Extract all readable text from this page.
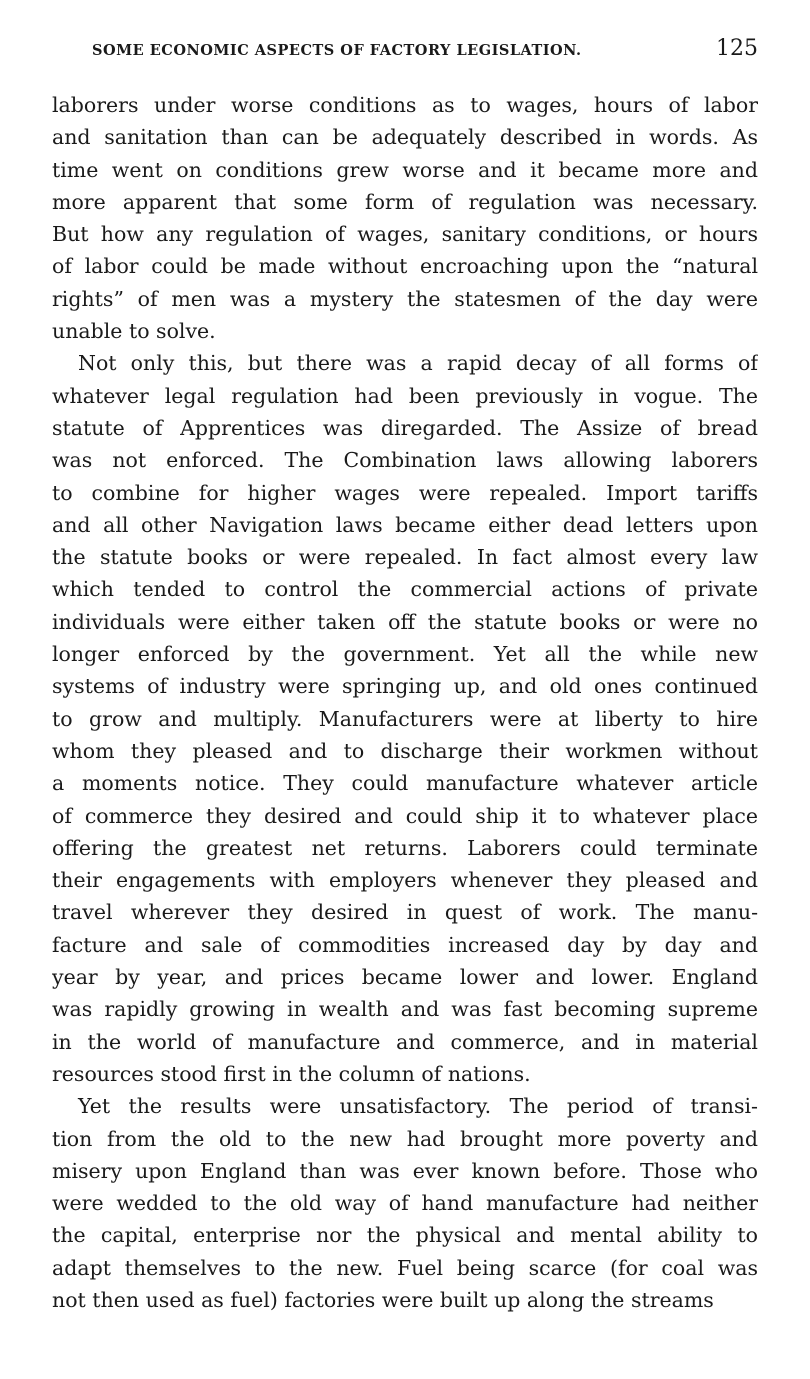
SOME ECONOMIC ASPECTS OF FACTORY LEGISLATION.	125
laborers under worse conditions as to wages, hours of labor
and sanitation than can be adequately described in words. As
time went on conditions grew worse and it became more and
more apparent that some form of regulation was necessary.
But how any regulation of wages, sanitary conditions, or hours
of labor could be made without encroaching upon the “natural
rights” of men was a mystery the statesmen of the day were
unable to solve.
Not only this, but there was a rapid decay of all forms of
whatever legal regulation had been previously in vogue. The
statute of Apprentices was diregarded. The Assize of bread
was not enforced. The Combination laws allowing laborers
to combine for higher wages were repealed. Import tariffs
and all other Navigation laws became either dead letters upon
the statute books or were repealed. In fact almost every law
which tended to control the commercial actions of private
individuals were either taken off the statute books or were no
longer enforced by the government. Yet all the while new
systems of industry were springing up, and old ones continued
to grow and multiply. Manufacturers were at liberty to hire
whom they pleased and to discharge their workmen without
a moments notice. They could manufacture whatever article
of commerce they desired and could ship it to whatever place
offering the greatest net returns. Laborers could terminate
their engagements with employers whenever they pleased and
travel wherever they desired in quest of work. The manu-
facture and sale of commodities increased day by day and
year by year, and prices became lower and lower. England
was rapidly growing in wealth and was fast becoming supreme
in the world of manufacture and commerce, and in material
resources stood first in the column of nations.
Yet the results were unsatisfactory. The period of transi-
tion from the old to the new had brought more poverty and
misery upon England than was ever known before. Those who
were wedded to the old way of hand manufacture had neither
the capital, enterprise nor the physical and mental ability to
adapt themselves to the new. Fuel being scarce (for coal was
not then used as fuel) factories were built up along the streams
